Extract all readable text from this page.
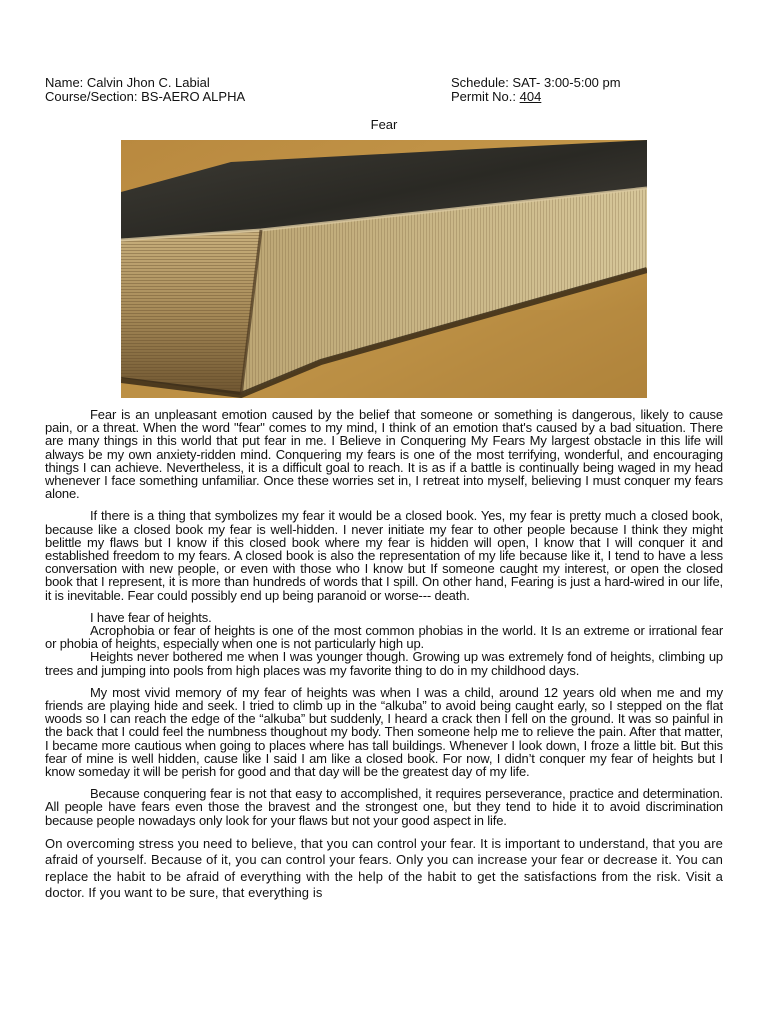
Name: Calvin Jhon C. Labial
Course/Section: BS-AERO ALPHA
Schedule: SAT- 3:00-5:00 pm
Permit No.: 404
Fear

Fear is an unpleasant emotion caused by the belief that someone or something is dangerous, likely to cause pain, or a threat. When the word "fear" comes to my mind, I think of an emotion that's caused by a bad situation. There are many things in this world that put fear in me. I Believe in Conquering My Fears My largest obstacle in this life will always be my own anxiety-ridden mind. Conquering my fears is one of the most terrifying, wonderful, and encouraging things I can achieve. Nevertheless, it is a difficult goal to reach. It is as if a battle is continually being waged in my head whenever I face something unfamiliar. Once these worries set in, I retreat into myself, believing I must conquer my fears alone.

If there is a thing that symbolizes my fear it would be a closed book. Yes, my fear is pretty much a closed book, because like a closed book my fear is well-hidden. I never initiate my fear to other people because I think they might belittle my flaws but I know if this closed book where my fear is hidden will open, I know that I will conquer it and established freedom to my fears. A closed book is also the representation of my life because like it, I tend to have a less conversation with new people, or even with those who I know but If someone caught my interest, or open the closed book that I represent, it is more than hundreds of words that I spill. On other hand, Fearing is just a hard-wired in our life, it is inevitable. Fear could possibly end up being paranoid or worse--- death.

I have fear of heights.

Acrophobia or fear of heights is one of the most common phobias in the world. It Is an extreme or irrational fear or phobia of heights, especially when one is not particularly high up.

Heights never bothered me when I was younger though. Growing up was extremely fond of heights, climbing up trees and jumping into pools from high places was my favorite thing to do in my childhood days.

My most vivid memory of my fear of heights was when I was a child, around 12 years old when me and my friends are playing hide and seek. I tried to climb up in the “alkuba” to avoid being caught early, so I stepped on the flat woods so I can reach the edge of the “alkuba” but suddenly, I heard a crack then I fell on the ground. It was so painful in the back that I could feel the numbness thoughout my body. Then someone help me to relieve the pain. After that matter, I became more cautious when going to places where has tall buildings. Whenever I look down, I froze a little bit. But this fear of mine is well hidden, cause like I said I am like a closed book. For now, I didn’t conquer my fear of heights but I know someday it will be perish for good and that day will be the greatest day of my life.

Because conquering fear is not that easy to accomplished, it requires perseverance, practice and determination. All people have fears even those the bravest and the strongest one, but they tend to hide it to avoid discrimination because people nowadays only look for your flaws but not your good aspect in life.

On overcoming stress you need to believe, that you can control your fear. It is important to understand, that you are afraid of yourself. Because of it, you can control your fears. Only you can increase your fear or decrease it. You can replace the habit to be afraid of everything with the help of the habit to get the satisfactions from the risk. Visit a doctor. If you want to be sure, that everything is
